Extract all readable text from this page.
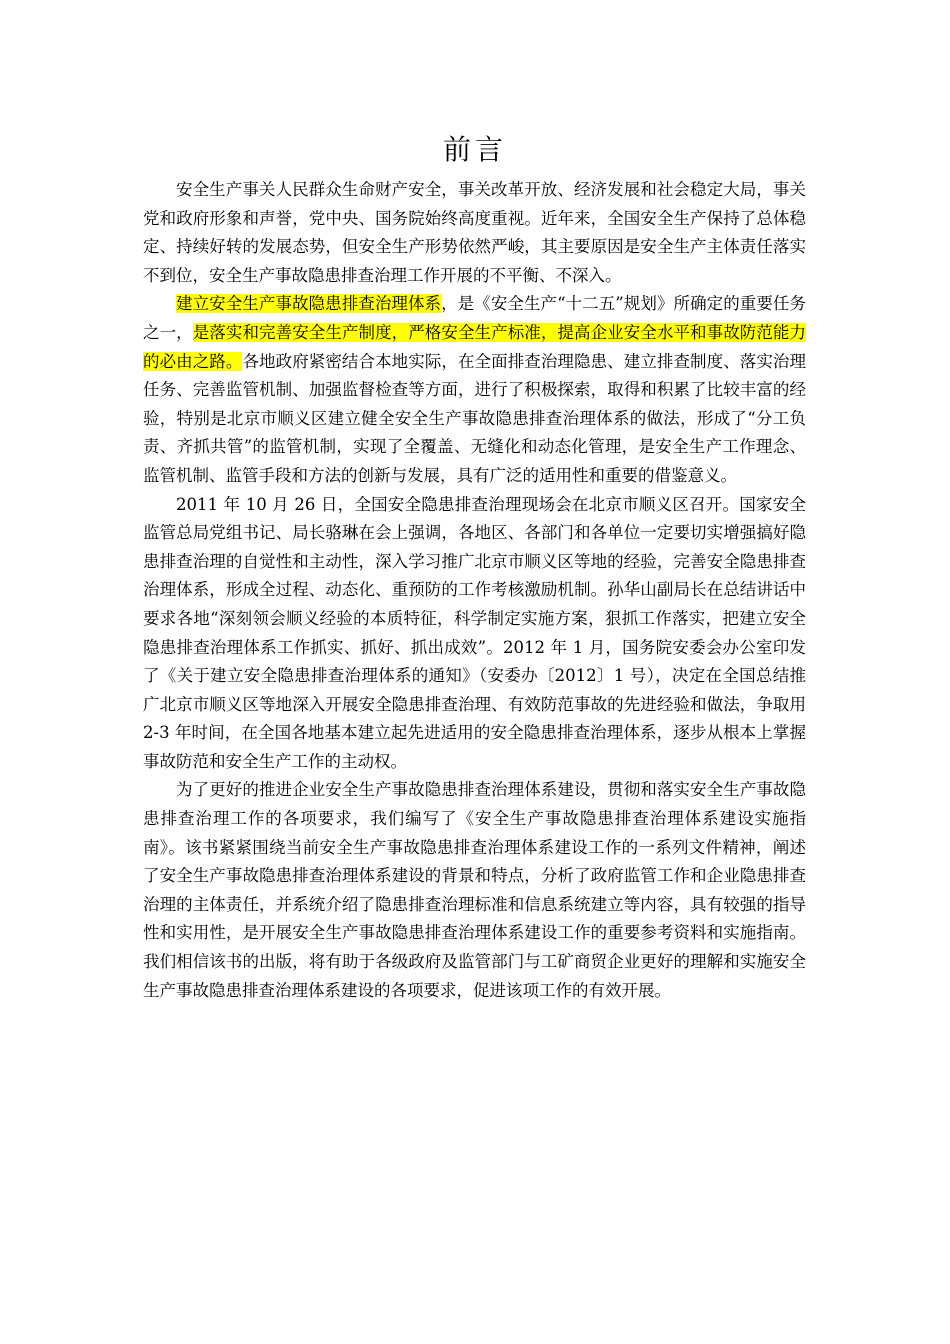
前言

安全生产事关人民群众生命财产安全，事关改革开放、经济发展和社会稳定大局，事关党和政府形象和声誉，党中央、国务院始终高度重视。近年来，全国安全生产保持了总体稳定、持续好转的发展态势，但安全生产形势依然严峻，其主要原因是安全生产主体责任落实不到位，安全生产事故隐患排查治理工作开展的不平衡、不深入。

建立安全生产事故隐患排查治理体系，是《安全生产“十二五”规划》所确定的重要任务之一，是落实和完善安全生产制度，严格安全生产标准，提高企业安全水平和事故防范能力的必由之路。各地政府紧密结合本地实际，在全面排查治理隐患、建立排查制度、落实治理任务、完善监管机制、加强监督检查等方面，进行了积极探索，取得和积累了比较丰富的经验，特别是北京市顺义区建立健全安全生产事故隐患排查治理体系的做法，形成了“分工负责、齐抓共管”的监管机制，实现了全覆盖、无缝化和动态化管理，是安全生产工作理念、监管机制、监管手段和方法的创新与发展，具有广泛的适用性和重要的借鉴意义。

2011 年 10 月 26 日，全国安全隐患排查治理现场会在北京市顺义区召开。国家安全监管总局党组书记、局长骆琳在会上强调，各地区、各部门和各单位一定要切实增强搞好隐患排查治理的自觉性和主动性，深入学习推广北京市顺义区等地的经验，完善安全隐患排查治理体系，形成全过程、动态化、重预防的工作考核激励机制。孙华山副局长在总结讲话中要求各地“深刻领会顺义经验的本质特征，科学制定实施方案，狠抓工作落实，把建立安全隐患排查治理体系工作抓实、抓好、抓出成效”。2012 年 1 月，国务院安委会办公室印发了《关于建立安全隐患排查治理体系的通知》（安委办〔2012〕1 号），决定在全国总结推广北京市顺义区等地深入开展安全隐患排查治理、有效防范事故的先进经验和做法，争取用 2-3 年时间，在全国各地基本建立起先进适用的安全隐患排查治理体系，逐步从根本上掌握事故防范和安全生产工作的主动权。

为了更好的推进企业安全生产事故隐患排查治理体系建设，贯彻和落实安全生产事故隐患排查治理工作的各项要求，我们编写了《安全生产事故隐患排查治理体系建设实施指南》。该书紧紧围绕当前安全生产事故隐患排查治理体系建设工作的一系列文件精神，阐述了安全生产事故隐患排查治理体系建设的背景和特点，分析了政府监管工作和企业隐患排查治理的主体责任，并系统介绍了隐患排查治理标准和信息系统建立等内容，具有较强的指导性和实用性，是开展安全生产事故隐患排查治理体系建设工作的重要参考资料和实施指南。我们相信该书的出版，将有助于各级政府及监管部门与工矿商贸企业更好的理解和实施安全生产事故隐患排查治理体系建设的各项要求，促进该项工作的有效开展。
